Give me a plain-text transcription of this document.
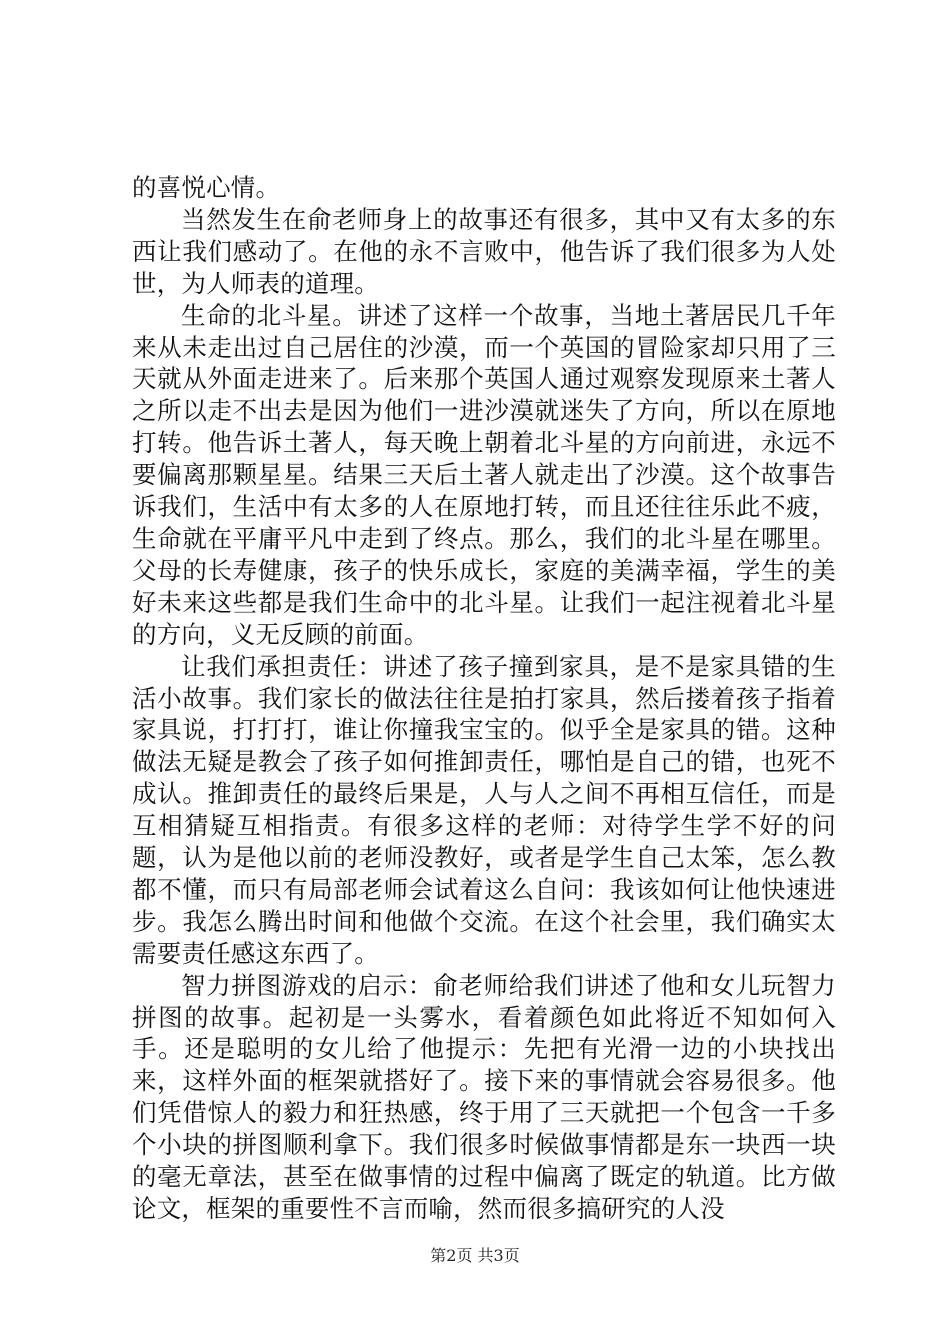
的喜悦心情。

当然发生在俞老师身上的故事还有很多，其中又有太多的东西让我们感动了。在他的永不言败中，他告诉了我们很多为人处世，为人师表的道理。

生命的北斗星。讲述了这样一个故事，当地土著居民几千年来从未走出过自己居住的沙漠，而一个英国的冒险家却只用了三天就从外面走进来了。后来那个英国人通过观察发现原来土著人之所以走不出去是因为他们一进沙漠就迷失了方向，所以在原地打转。他告诉土著人，每天晚上朝着北斗星的方向前进，永远不要偏离那颗星星。结果三天后土著人就走出了沙漠。这个故事告诉我们，生活中有太多的人在原地打转，而且还往往乐此不疲，生命就在平庸平凡中走到了终点。那么，我们的北斗星在哪里。父母的长寿健康，孩子的快乐成长，家庭的美满幸福，学生的美好未来这些都是我们生命中的北斗星。让我们一起注视着北斗星的方向，义无反顾的前面。

让我们承担责任：讲述了孩子撞到家具，是不是家具错的生活小故事。我们家长的做法往往是拍打家具，然后搂着孩子指着家具说，打打打，谁让你撞我宝宝的。似乎全是家具的错。这种做法无疑是教会了孩子如何推卸责任，哪怕是自己的错，也死不成认。推卸责任的最终后果是，人与人之间不再相互信任，而是互相猜疑互相指责。有很多这样的老师：对待学生学不好的问题，认为是他以前的老师没教好，或者是学生自己太笨，怎么教都不懂，而只有局部老师会试着这么自问：我该如何让他快速进步。我怎么腾出时间和他做个交流。在这个社会里，我们确实太需要责任感这东西了。

智力拼图游戏的启示：俞老师给我们讲述了他和女儿玩智力拼图的故事。起初是一头雾水，看着颜色如此将近不知如何入手。还是聪明的女儿给了他提示：先把有光滑一边的小块找出来，这样外面的框架就搭好了。接下来的事情就会容易很多。他们凭借惊人的毅力和狂热感，终于用了三天就把一个包含一千多个小块的拼图顺利拿下。我们很多时候做事情都是东一块西一块的毫无章法，甚至在做事情的过程中偏离了既定的轨道。比方做论文，框架的重要性不言而喻，然而很多搞研究的人没

第2页 共3页
